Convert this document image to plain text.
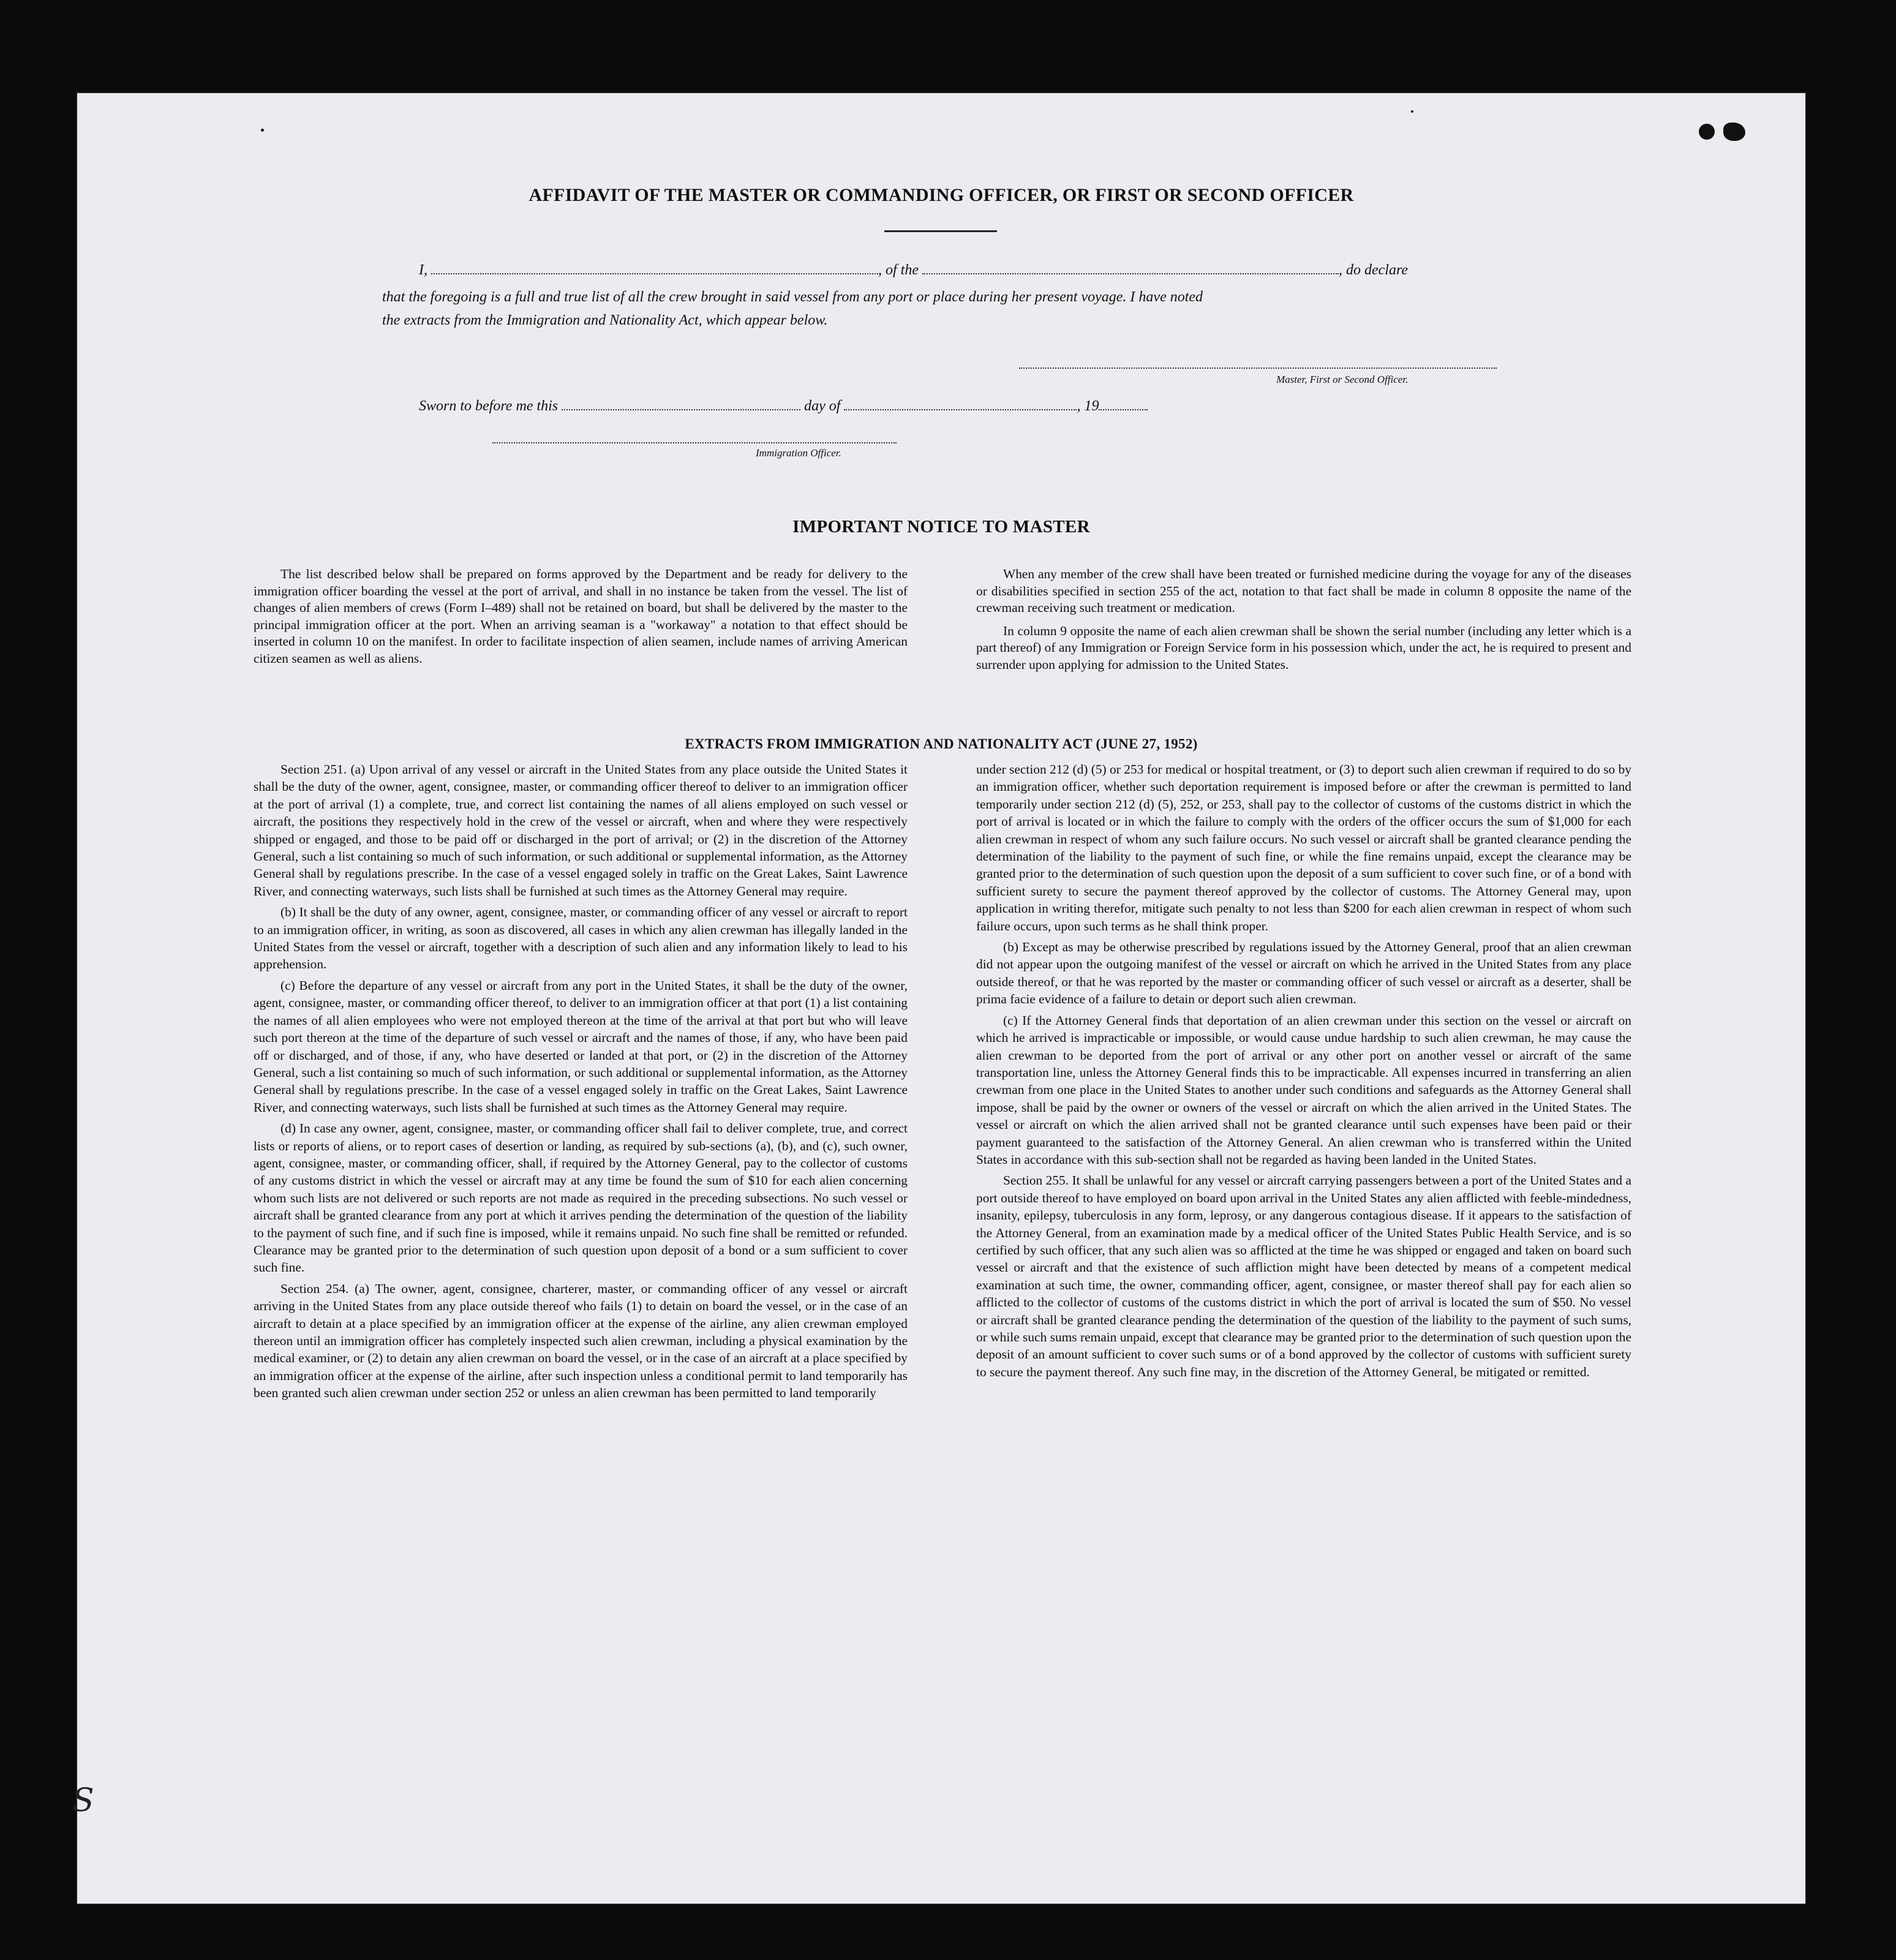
AFFIDAVIT OF THE MASTER OR COMMANDING OFFICER, OR FIRST OR SECOND OFFICER
I,	, of the	, do declare
that the foregoing is a full and true list of all the crew brought in said vessel from any port or place during her present voyage. I have noted
the extracts from the Immigration and Nationality Act, which appear below.
Master, First or Second Officer.
Sworn to before me this	day of	, 19
Immigration Officer.
IMPORTANT NOTICE TO MASTER

The list described below shall be prepared on forms approved by the Department and be ready for delivery to the immigration officer boarding the vessel at the port of arrival, and shall in no instance be taken from the vessel. The list of changes of alien members of crews (Form I–489) shall not be retained on board, but shall be delivered by the master to the principal immigration officer at the port. When an arriving seaman is a "workaway" a notation to that effect should be inserted in column 10 on the manifest. In order to facilitate inspection of alien seamen, include names of arriving American citizen seamen as well as aliens.

When any member of the crew shall have been treated or furnished medicine during the voyage for any of the diseases or disabilities specified in section 255 of the act, notation to that fact shall be made in column 8 opposite the name of the crewman receiving such treatment or medication.

In column 9 opposite the name of each alien crewman shall be shown the serial number (including any letter which is a part thereof) of any Immigration or Foreign Service form in his possession which, under the act, he is required to present and surrender upon applying for admission to the United States.

EXTRACTS FROM IMMIGRATION AND NATIONALITY ACT (JUNE 27, 1952)

Section 251. (a) Upon arrival of any vessel or aircraft in the United States from any place outside the United States it shall be the duty of the owner, agent, consignee, master, or commanding officer thereof to deliver to an immigration officer at the port of arrival (1) a complete, true, and correct list containing the names of all aliens employed on such vessel or aircraft, the positions they respectively hold in the crew of the vessel or aircraft, when and where they were respectively shipped or engaged, and those to be paid off or discharged in the port of arrival; or (2) in the discretion of the Attorney General, such a list containing so much of such information, or such additional or supplemental information, as the Attorney General shall by regulations prescribe. In the case of a vessel engaged solely in traffic on the Great Lakes, Saint Lawrence River, and connecting waterways, such lists shall be furnished at such times as the Attorney General may require.

(b) It shall be the duty of any owner, agent, consignee, master, or commanding officer of any vessel or aircraft to report to an immigration officer, in writing, as soon as discovered, all cases in which any alien crewman has illegally landed in the United States from the vessel or aircraft, together with a description of such alien and any information likely to lead to his apprehension.

(c) Before the departure of any vessel or aircraft from any port in the United States, it shall be the duty of the owner, agent, consignee, master, or commanding officer thereof, to deliver to an immigration officer at that port (1) a list containing the names of all alien employees who were not employed thereon at the time of the arrival at that port but who will leave such port thereon at the time of the departure of such vessel or aircraft and the names of those, if any, who have been paid off or discharged, and of those, if any, who have deserted or landed at that port, or (2) in the discretion of the Attorney General, such a list containing so much of such information, or such additional or supplemental information, as the Attorney General shall by regulations prescribe. In the case of a vessel engaged solely in traffic on the Great Lakes, Saint Lawrence River, and connecting waterways, such lists shall be furnished at such times as the Attorney General may require.

(d) In case any owner, agent, consignee, master, or commanding officer shall fail to deliver complete, true, and correct lists or reports of aliens, or to report cases of desertion or landing, as required by sub-sections (a), (b), and (c), such owner, agent, consignee, master, or commanding officer, shall, if required by the Attorney General, pay to the collector of customs of any customs district in which the vessel or aircraft may at any time be found the sum of $10 for each alien concerning whom such lists are not delivered or such reports are not made as required in the preceding subsections. No such vessel or aircraft shall be granted clearance from any port at which it arrives pending the determination of the question of the liability to the payment of such fine, and if such fine is imposed, while it remains unpaid. No such fine shall be remitted or refunded. Clearance may be granted prior to the determination of such question upon deposit of a bond or a sum sufficient to cover such fine.

Section 254. (a) The owner, agent, consignee, charterer, master, or commanding officer of any vessel or aircraft arriving in the United States from any place outside thereof who fails (1) to detain on board the vessel, or in the case of an aircraft to detain at a place specified by an immigration officer at the expense of the airline, any alien crewman employed thereon until an immigration officer has completely inspected such alien crewman, including a physical examination by the medical examiner, or (2) to detain any alien crewman on board the vessel, or in the case of an aircraft at a place specified by an immigration officer at the expense of the airline, after such inspection unless a conditional permit to land temporarily has been granted such alien crewman under section 252 or unless an alien crewman has been permitted to land temporarily

under section 212 (d) (5) or 253 for medical or hospital treatment, or (3) to deport such alien crewman if required to do so by an immigration officer, whether such deportation requirement is imposed before or after the crewman is permitted to land temporarily under section 212 (d) (5), 252, or 253, shall pay to the collector of customs of the customs district in which the port of arrival is located or in which the failure to comply with the orders of the officer occurs the sum of $1,000 for each alien crewman in respect of whom any such failure occurs. No such vessel or aircraft shall be granted clearance pending the determination of the liability to the payment of such fine, or while the fine remains unpaid, except the clearance may be granted prior to the determination of such question upon the deposit of a sum sufficient to cover such fine, or of a bond with sufficient surety to secure the payment thereof approved by the collector of customs. The Attorney General may, upon application in writing therefor, mitigate such penalty to not less than $200 for each alien crewman in respect of whom such failure occurs, upon such terms as he shall think proper.

(b) Except as may be otherwise prescribed by regulations issued by the Attorney General, proof that an alien crewman did not appear upon the outgoing manifest of the vessel or aircraft on which he arrived in the United States from any place outside thereof, or that he was reported by the master or commanding officer of such vessel or aircraft as a deserter, shall be prima facie evidence of a failure to detain or deport such alien crewman.

(c) If the Attorney General finds that deportation of an alien crewman under this section on the vessel or aircraft on which he arrived is impracticable or impossible, or would cause undue hardship to such alien crewman, he may cause the alien crewman to be deported from the port of arrival or any other port on another vessel or aircraft of the same transportation line, unless the Attorney General finds this to be impracticable. All expenses incurred in transferring an alien crewman from one place in the United States to another under such conditions and safeguards as the Attorney General shall impose, shall be paid by the owner or owners of the vessel or aircraft on which the alien arrived in the United States. The vessel or aircraft on which the alien arrived shall not be granted clearance until such expenses have been paid or their payment guaranteed to the satisfaction of the Attorney General. An alien crewman who is transferred within the United States in accordance with this sub-section shall not be regarded as having been landed in the United States.

Section 255. It shall be unlawful for any vessel or aircraft carrying passengers between a port of the United States and a port outside thereof to have employed on board upon arrival in the United States any alien afflicted with feeble-mindedness, insanity, epilepsy, tuberculosis in any form, leprosy, or any dangerous contagious disease. If it appears to the satisfaction of the Attorney General, from an examination made by a medical officer of the United States Public Health Service, and is so certified by such officer, that any such alien was so afflicted at the time he was shipped or engaged and taken on board such vessel or aircraft and that the existence of such affliction might have been detected by means of a competent medical examination at such time, the owner, commanding officer, agent, consignee, or master thereof shall pay for each alien so afflicted to the collector of customs of the customs district in which the port of arrival is located the sum of $50. No vessel or aircraft shall be granted clearance pending the determination of the question of the liability to the payment of such sums, or while such sums remain unpaid, except that clearance may be granted prior to the determination of such question upon the deposit of an amount sufficient to cover such sums or of a bond approved by the collector of customs with sufficient surety to secure the payment thereof. Any such fine may, in the discretion of the Attorney General, be mitigated or remitted.

S
